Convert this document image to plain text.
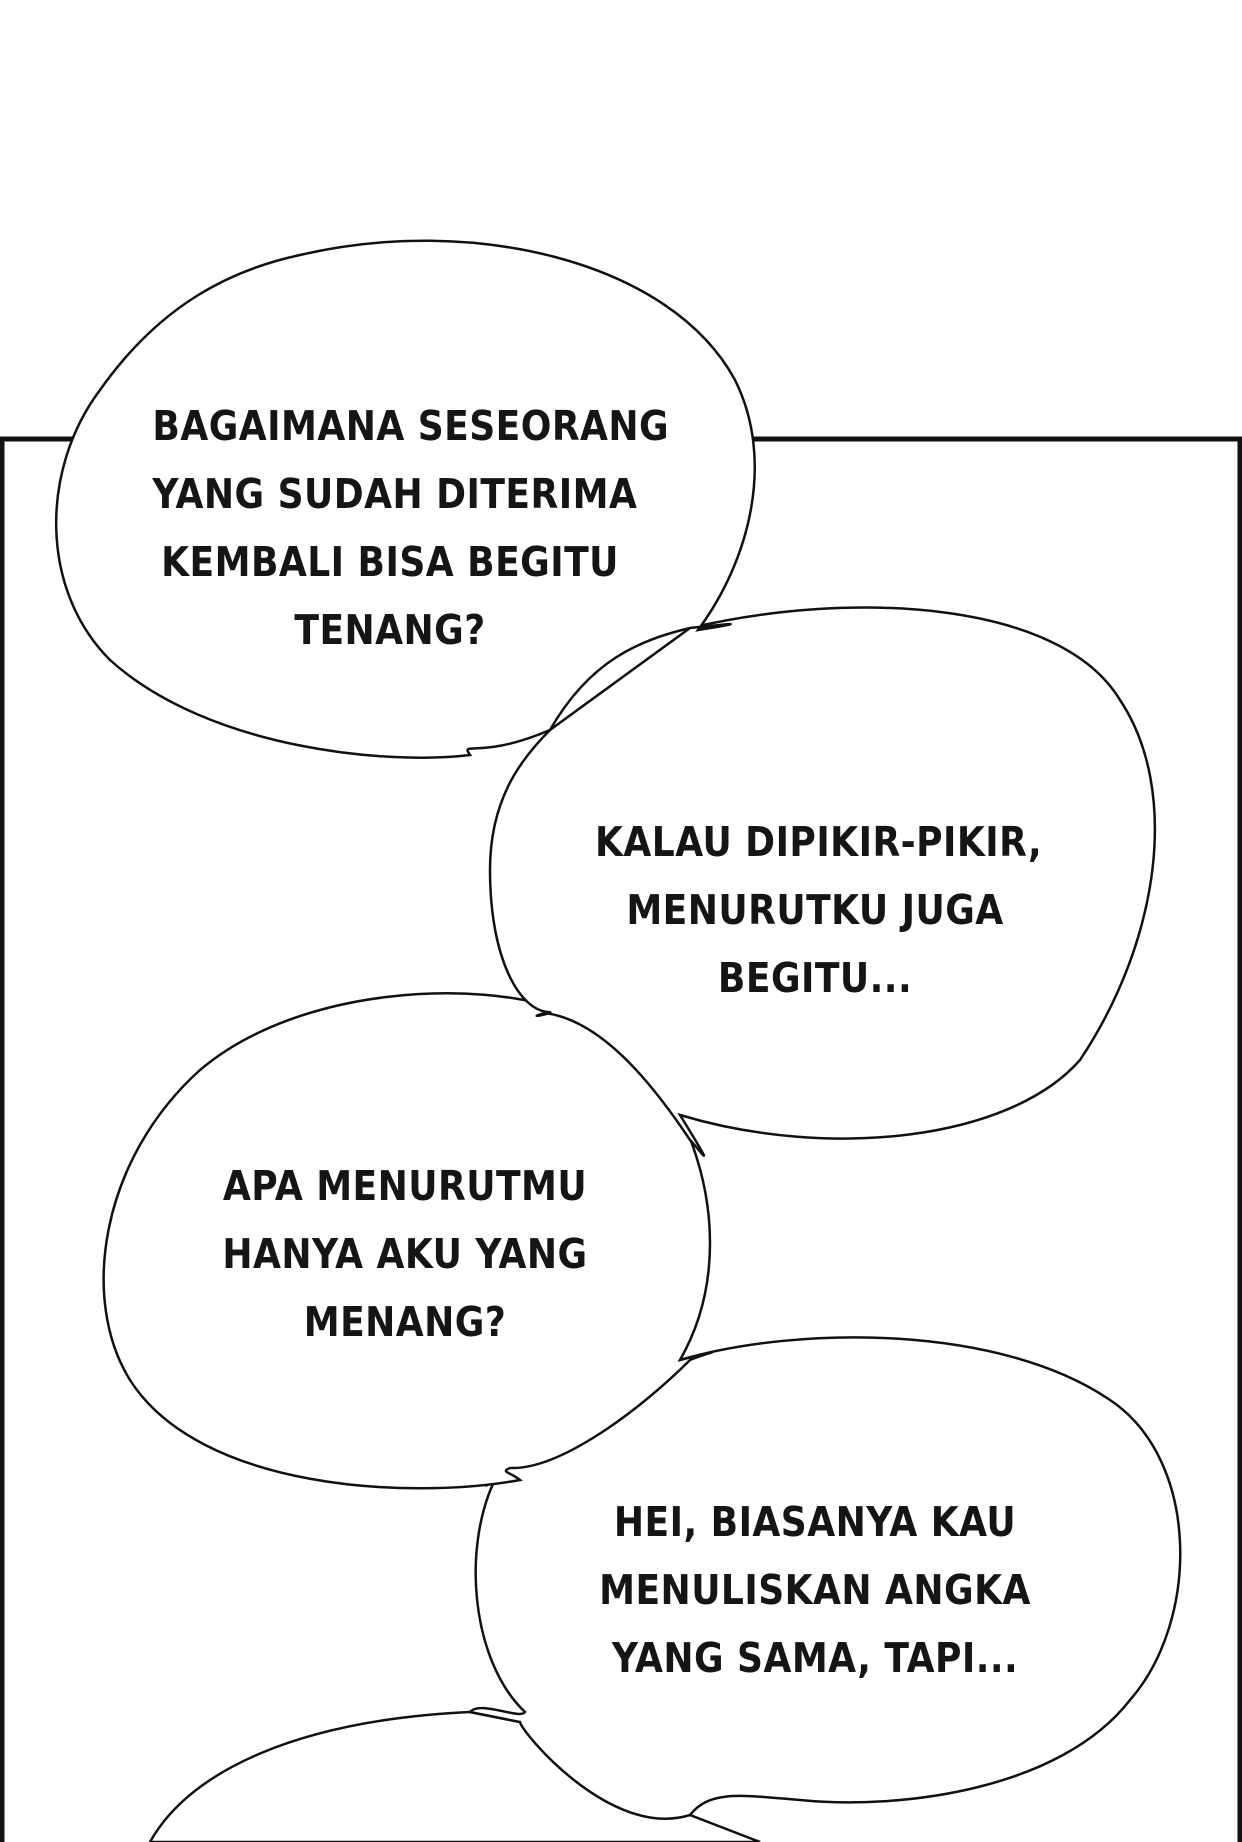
BAGAIMANA SESEORANG
YANG SUDAH DITERIMA
KEMBALI BISA BEGITU
TENANG?
KALAU DIPIKIR-PIKIR,
MENURUTKU JUGA
BEGITU...
APA MENURUTMU
HANYA AKU YANG
MENANG?
HEI, BIASANYA KAU
MENULISKAN ANGKA
YANG SAMA, TAPI...
